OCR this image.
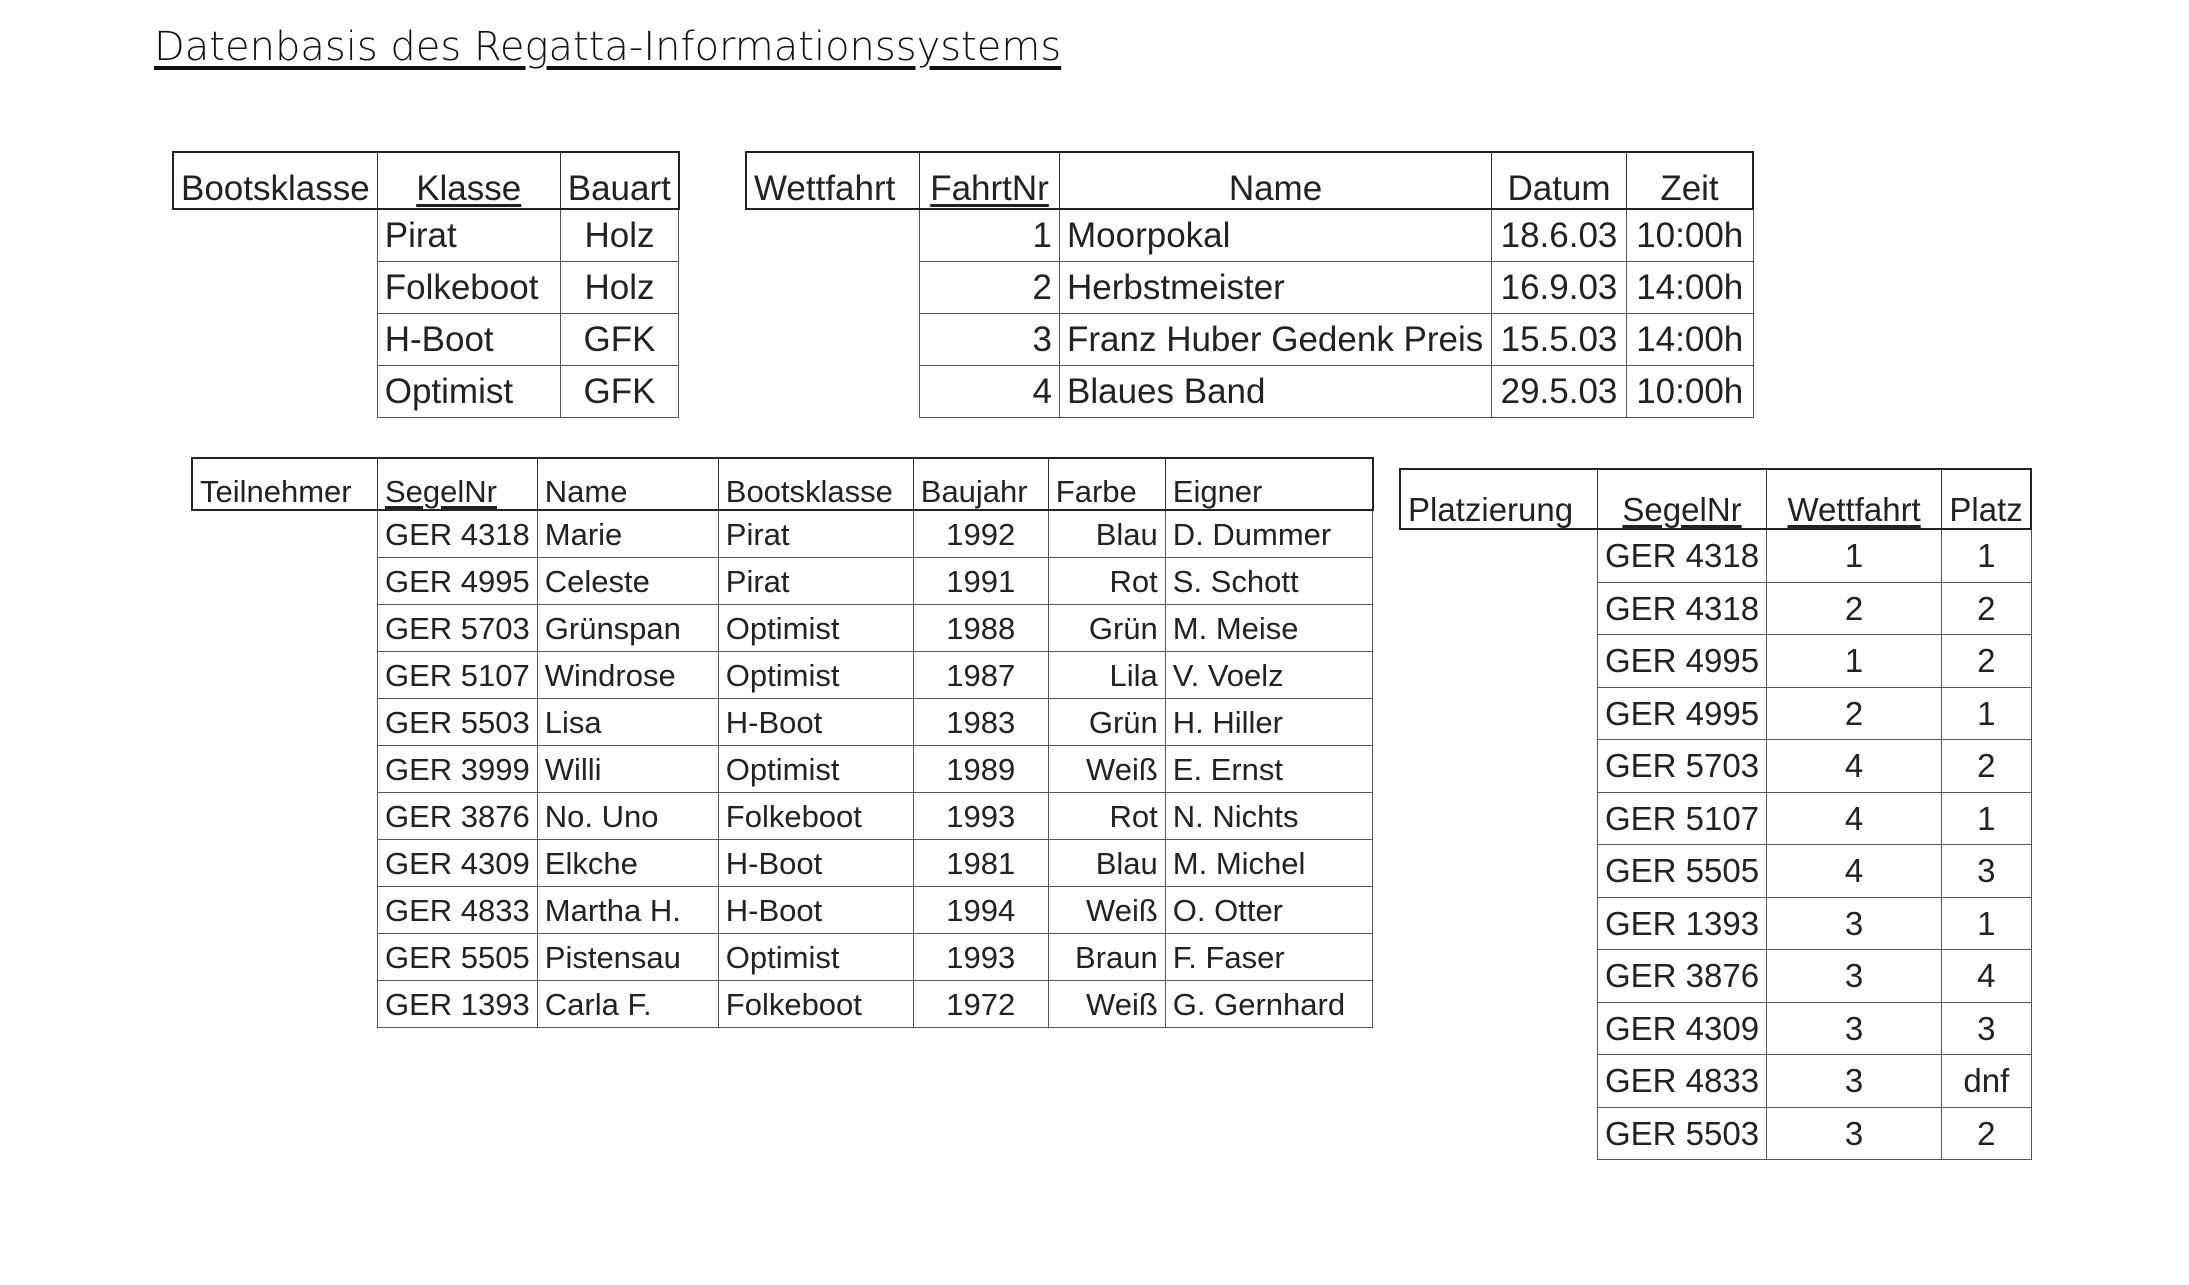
Datenbasis des Regatta-Informationssystems
Bootsklasse	Klasse	Bauart
	Pirat	Holz
	Folkeboot	Holz
	H-Boot	GFK
	Optimist	GFK
Wettfahrt	FahrtNr	Name	Datum	Zeit
	1	Moorpokal	18.6.03	10:00h
	2	Herbstmeister	16.9.03	14:00h
	3	Franz Huber Gedenk Preis	15.5.03	14:00h
	4	Blaues Band	29.5.03	10:00h
Teilnehmer	SegelNr	Name	Bootsklasse	Baujahr	Farbe	Eigner
	GER 4318	Marie	Pirat	1992	Blau	D. Dummer
	GER 4995	Celeste	Pirat	1991	Rot	S. Schott
	GER 5703	Grünspan	Optimist	1988	Grün	M. Meise
	GER 5107	Windrose	Optimist	1987	Lila	V. Voelz
	GER 5503	Lisa	H-Boot	1983	Grün	H. Hiller
	GER 3999	Willi	Optimist	1989	Weiß	E. Ernst
	GER 3876	No. Uno	Folkeboot	1993	Rot	N. Nichts
	GER 4309	Elkche	H-Boot	1981	Blau	M. Michel
	GER 4833	Martha H.	H-Boot	1994	Weiß	O. Otter
	GER 5505	Pistensau	Optimist	1993	Braun	F. Faser
	GER 1393	Carla F.	Folkeboot	1972	Weiß	G. Gernhard
Platzierung	SegelNr	Wettfahrt	Platz
	GER 4318	1	1
	GER 4318	2	2
	GER 4995	1	2
	GER 4995	2	1
	GER 5703	4	2
	GER 5107	4	1
	GER 5505	4	3
	GER 1393	3	1
	GER 3876	3	4
	GER 4309	3	3
	GER 4833	3	dnf
	GER 5503	3	2
